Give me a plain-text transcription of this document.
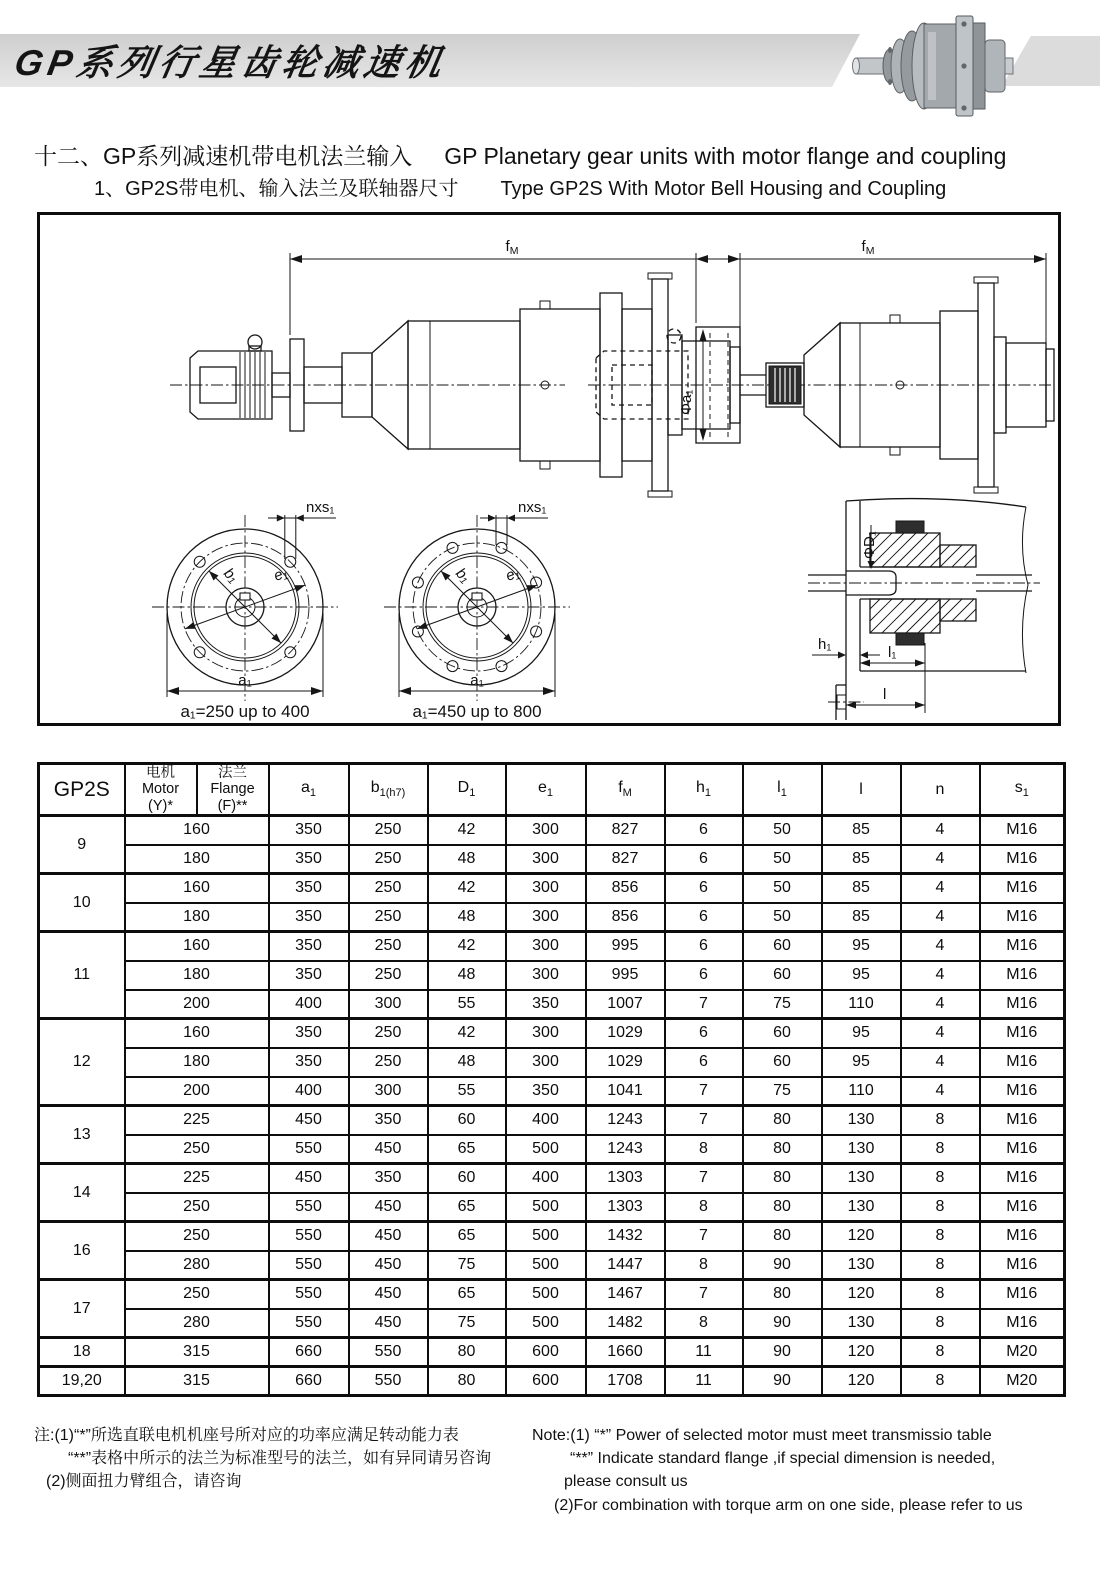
GP系列行星齿轮减速机
十二、GP系列减速机带电机法兰输入 GP Planetary gear units with motor flange and coupling
1、GP2S带电机、输入法兰及联轴器尺寸 Type GP2S With Motor Bell Housing and Coupling
$f_M$
Φa₁
$f_M$
nxs₁
b₁ e₁
a₁
a₁=250 up to 400
nxs₁
b₁ e₁
a₁
a₁=450 up to 800
ΦD₁
h₁	l₁
l
GP2S	电机
Motor
(Y)*	法兰
Flange
(F)**	$a_1$	$b_{1(h7)}$	$D_1$	$e_1$	$f_M$	$h_1$	$l_1$	l	n	$s_1$
9	160		350	250	42	300	827	6	50	85	4	M16
	180		350	250	48	300	827	6	50	85	4	M16
10	160		350	250	42	300	856	6	50	85	4	M16
	180		350	250	48	300	856	6	50	85	4	M16
11	160		350	250	42	300	995	6	60	95	4	M16
	180		350	250	48	300	995	6	60	95	4	M16
	200		400	300	55	350	1007	7	75	110	4	M16
12	160		350	250	42	300	1029	6	60	95	4	M16
	180		350	250	48	300	1029	6	60	95	4	M16
	200		400	300	55	350	1041	7	75	110	4	M16
13	225		450	350	60	400	1243	7	80	130	8	M16
	250		550	450	65	500	1243	8	80	130	8	M16
14	225		450	350	60	400	1303	7	80	130	8	M16
	250		550	450	65	500	1303	8	80	130	8	M16
16	250		550	450	65	500	1432	7	80	120	8	M16
	280		550	450	75	500	1447	8	90	130	8	M16
17	250		550	450	65	500	1467	7	80	120	8	M16
	280		550	450	75	500	1482	8	90	130	8	M16
18	315		660	550	80	600	1660	11	90	120	8	M20
19,20	315		660	550	80	600	1708	11	90	120	8	M20
注:(1)“*”所选直联电机机座号所对应的功率应满足转动能力表
“**”表格中所示的法兰为标准型号的法兰，如有异同请另咨询
(2)侧面扭力臂组合，请咨询
Note:(1) “*” Power of selected motor must meet transmissio table
“**” Indicate standard flange ,if special dimension is needed,
please consult us
(2)For combination with torque arm on one side, please refer to us
